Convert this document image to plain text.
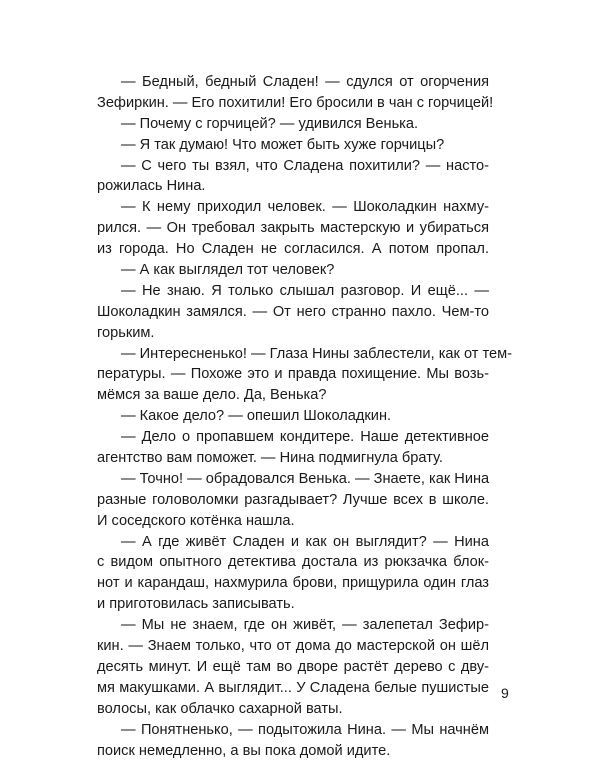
— Бедный, бедный Сладен! — сдулся от огорчения
Зефиркин. — Его похитили! Его бросили в чан с горчицей!
— Почему с горчицей? — удивился Венька.
— Я так думаю! Что может быть хуже горчицы?
— С чего ты взял, что Сладена похитили? — насто-
рожилась Нина.
— К нему приходил человек. — Шоколадкин нахму-
рился. — Он требовал закрыть мастерскую и убираться
из города. Но Сладен не согласился. А потом пропал.
— А как выглядел тот человек?
— Не знаю. Я только слышал разговор. И ещё... —
Шоколадкин замялся. — От него странно пахло. Чем-то
горьким.
— Интересненько! — Глаза Нины заблестели, как от тем-
пературы. — Похоже это и правда похищение. Мы возь-
мёмся за ваше дело. Да, Венька?
— Какое дело? — опешил Шоколадкин.
— Дело о пропавшем кондитере. Наше детективное
агентство вам поможет. — Нина подмигнула брату.
— Точно! — обрадовался Венька. — Знаете, как Нина
разные головоломки разгадывает? Лучше всех в школе.
И соседского котёнка нашла.
— А где живёт Сладен и как он выглядит? — Нина
с видом опытного детектива достала из рюкзачка блок-
нот и карандаш, нахмурила брови, прищурила один глаз
и приготовилась записывать.
— Мы не знаем, где он живёт, — залепетал Зефир-
кин. — Знаем только, что от дома до мастерской он шёл
десять минут. И ещё там во дворе растёт дерево с дву-
мя макушками. А выглядит... У Сладена белые пушистые
волосы, как облачко сахарной ваты.
— Понятненько, — подытожила Нина. — Мы начнём
поиск немедленно, а вы пока домой идите.
9
